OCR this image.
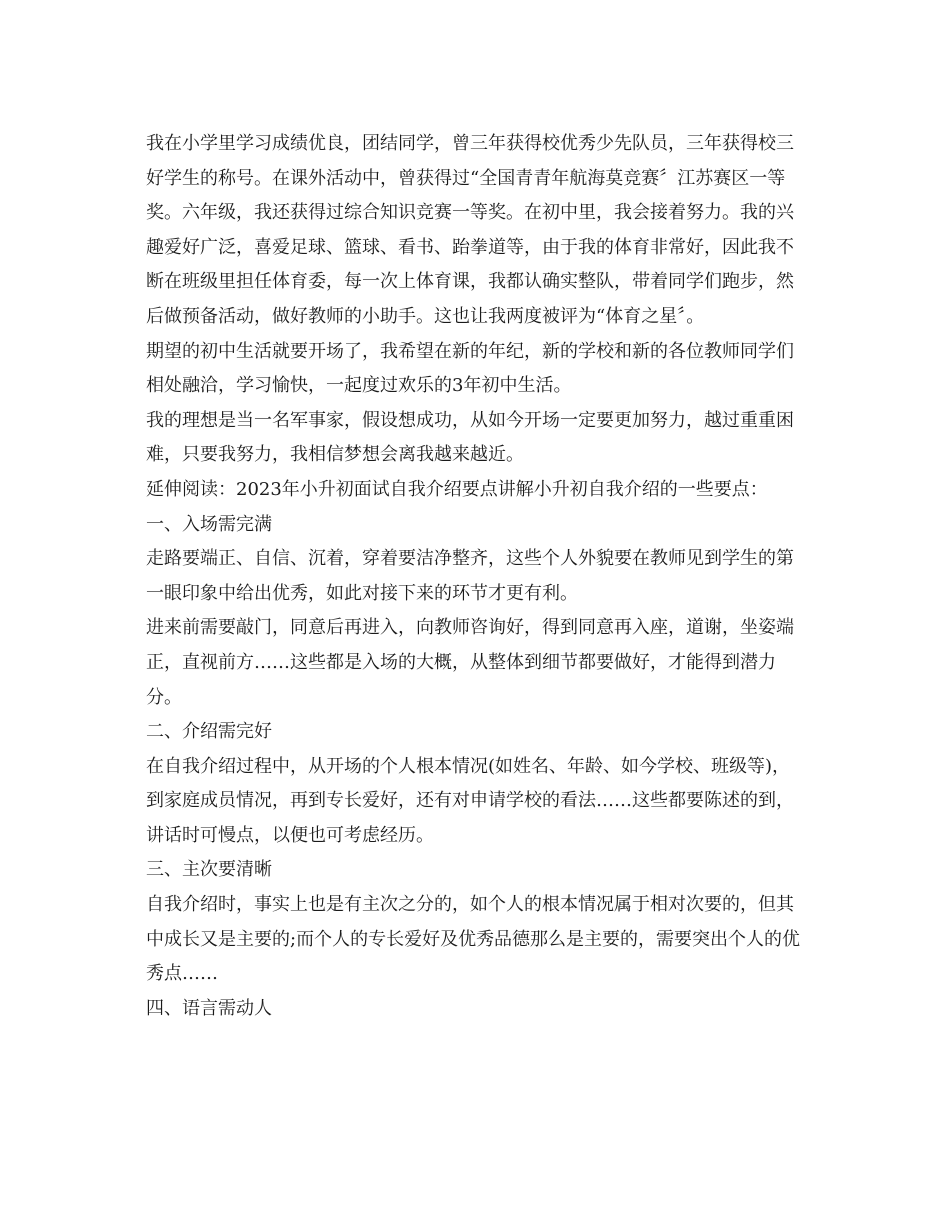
我在小学里学习成绩优良，团结同学，曾三年获得校优秀少先队员，三年获得校三好学生的称号。在课外活动中，曾获得过“全国青青年航海莫竞赛〞江苏赛区一等奖。六年级，我还获得过综合知识竞赛一等奖。在初中里，我会接着努力。我的兴趣爱好广泛，喜爱足球、篮球、看书、跆拳道等，由于我的体育非常好，因此我不断在班级里担任体育委，每一次上体育课，我都认确实整队，带着同学们跑步，然后做预备活动，做好教师的小助手。这也让我两度被评为“体育之星〞。

期望的初中生活就要开场了，我希望在新的年纪，新的学校和新的各位教师同学们相处融洽，学习愉快，一起度过欢乐的3年初中生活。

我的理想是当一名军事家，假设想成功，从如今开场一定要更加努力，越过重重困难，只要我努力，我相信梦想会离我越来越近。

延伸阅读：2023年小升初面试自我介绍要点讲解小升初自我介绍的一些要点：

一、入场需完满

走路要端正、自信、沉着，穿着要洁净整齐，这些个人外貌要在教师见到学生的第一眼印象中给出优秀，如此对接下来的环节才更有利。

进来前需要敲门，同意后再进入，向教师咨询好，得到同意再入座，道谢，坐姿端正，直视前方……这些都是入场的大概，从整体到细节都要做好，才能得到潜力分。

二、介绍需完好

在自我介绍过程中，从开场的个人根本情况(如姓名、年龄、如今学校、班级等)，到家庭成员情况，再到专长爱好，还有对申请学校的看法……这些都要陈述的到，讲话时可慢点，以便也可考虑经历。

三、主次要清晰

自我介绍时，事实上也是有主次之分的，如个人的根本情况属于相对次要的，但其中成长又是主要的;而个人的专长爱好及优秀品德那么是主要的，需要突出个人的优秀点……

四、语言需动人
